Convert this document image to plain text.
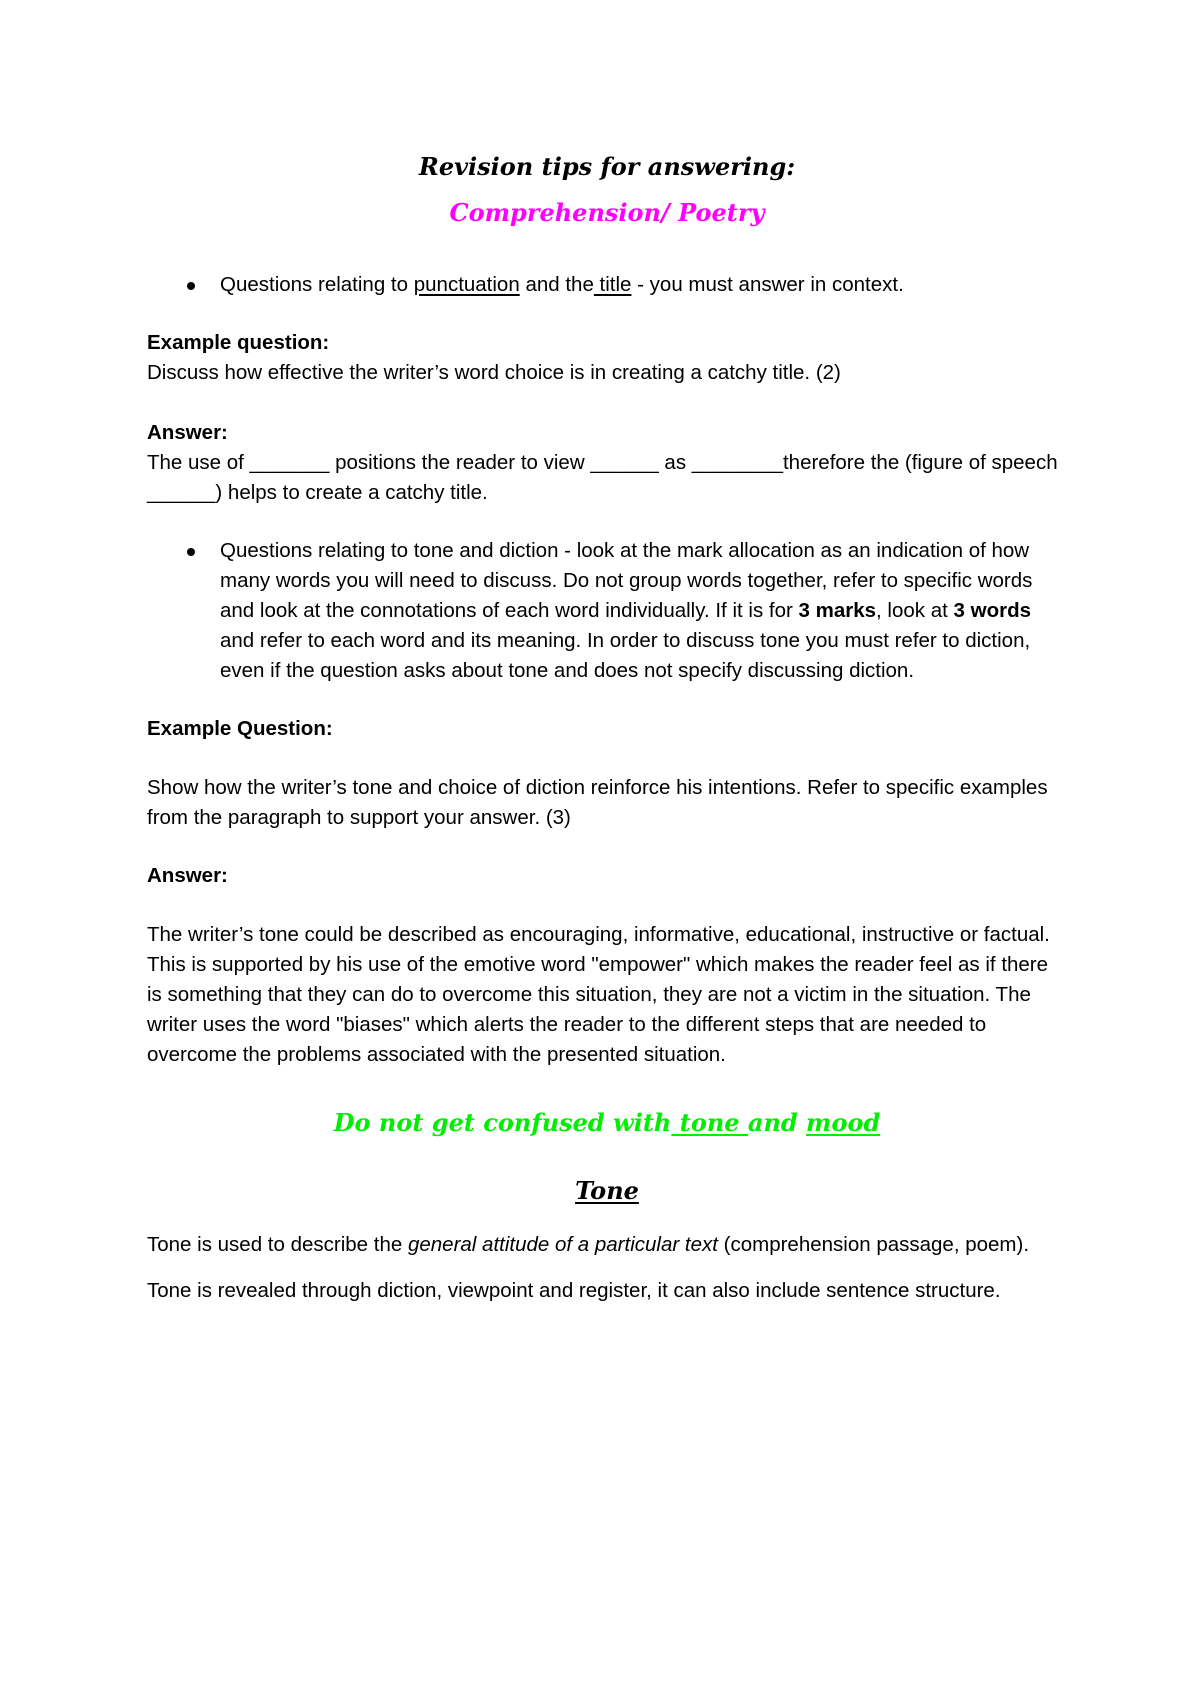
Revision tips for answering:
Comprehension/ Poetry

Questions relating to punctuation and the title - you must answer in context.

Example question:

Discuss how effective the writer’s word choice is in creating a catchy title. (2)

Answer:

The use of _______ positions the reader to view ______ as ________therefore the (figure of speech ______) helps to create a catchy title.

Questions relating to tone and diction - look at the mark allocation as an indication of how many words you will need to discuss. Do not group words together, refer to specific words and look at the connotations of each word individually. If it is for 3 marks, look at 3 words and refer to each word and its meaning. In order to discuss tone you must refer to diction, even if the question asks about tone and does not specify discussing diction.

Example Question:

Show how the writer’s tone and choice of diction reinforce his intentions. Refer to specific examples from the paragraph to support your answer. (3)

Answer:

The writer’s tone could be described as encouraging, informative, educational, instructive or factual. This is supported by his use of the emotive word "empower" which makes the reader feel as if there is something that they can do to overcome this situation, they are not a victim in the situation. The writer uses the word "biases" which alerts the reader to the different steps that are needed to overcome the problems associated with the presented situation.

Do not get confused with tone and mood

Tone

Tone is used to describe the general attitude of a particular text (comprehension passage, poem).

Tone is revealed through diction, viewpoint and register, it can also include sentence structure.
